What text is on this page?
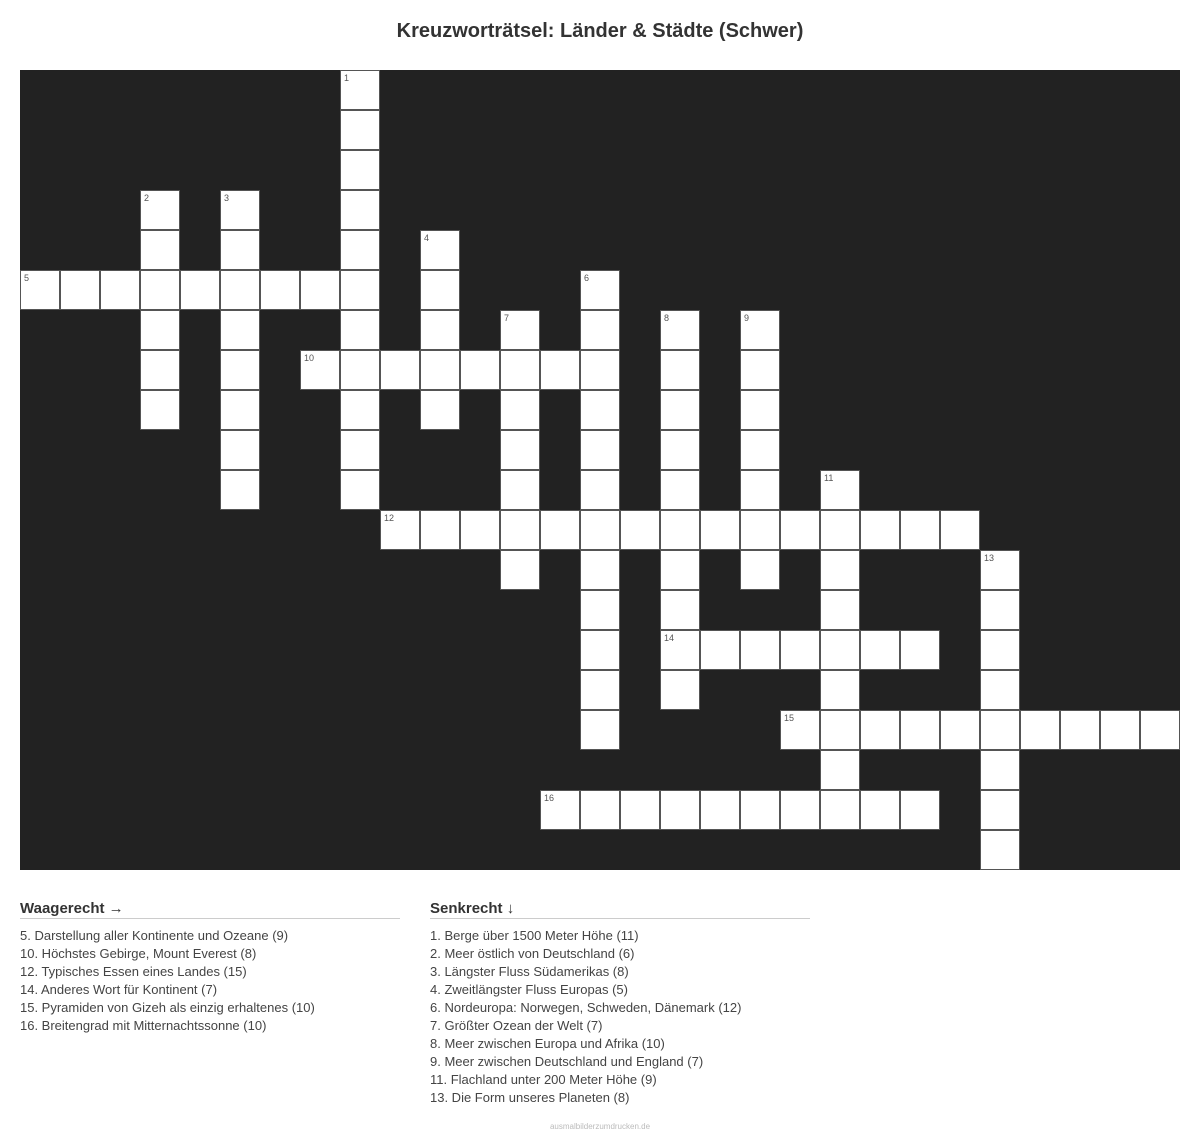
Kreuzworträtsel: Länder & Städte (Schwer)
1
2	3
4
5	6
7	8
14
9
10
11
12
13
15
16
Waagerecht →
5. Darstellung aller Kontinente und Ozeane (9)
10. Höchstes Gebirge, Mount Everest (8)
12. Typisches Essen eines Landes (15)
14. Anderes Wort für Kontinent (7)
15. Pyramiden von Gizeh als einzig erhaltenes (10)
16. Breitengrad mit Mitternachtssonne (10)
Senkrecht ↓
1. Berge über 1500 Meter Höhe (11)
2. Meer östlich von Deutschland (6)
3. Längster Fluss Südamerikas (8)
4. Zweitlängster Fluss Europas (5)
6. Nordeuropa: Norwegen, Schweden, Dänemark (12)
7. Größter Ozean der Welt (7)
8. Meer zwischen Europa und Afrika (10)
9. Meer zwischen Deutschland und England (7)
11. Flachland unter 200 Meter Höhe (9)
13. Die Form unseres Planeten (8)
ausmalbilderzumdrucken.de
